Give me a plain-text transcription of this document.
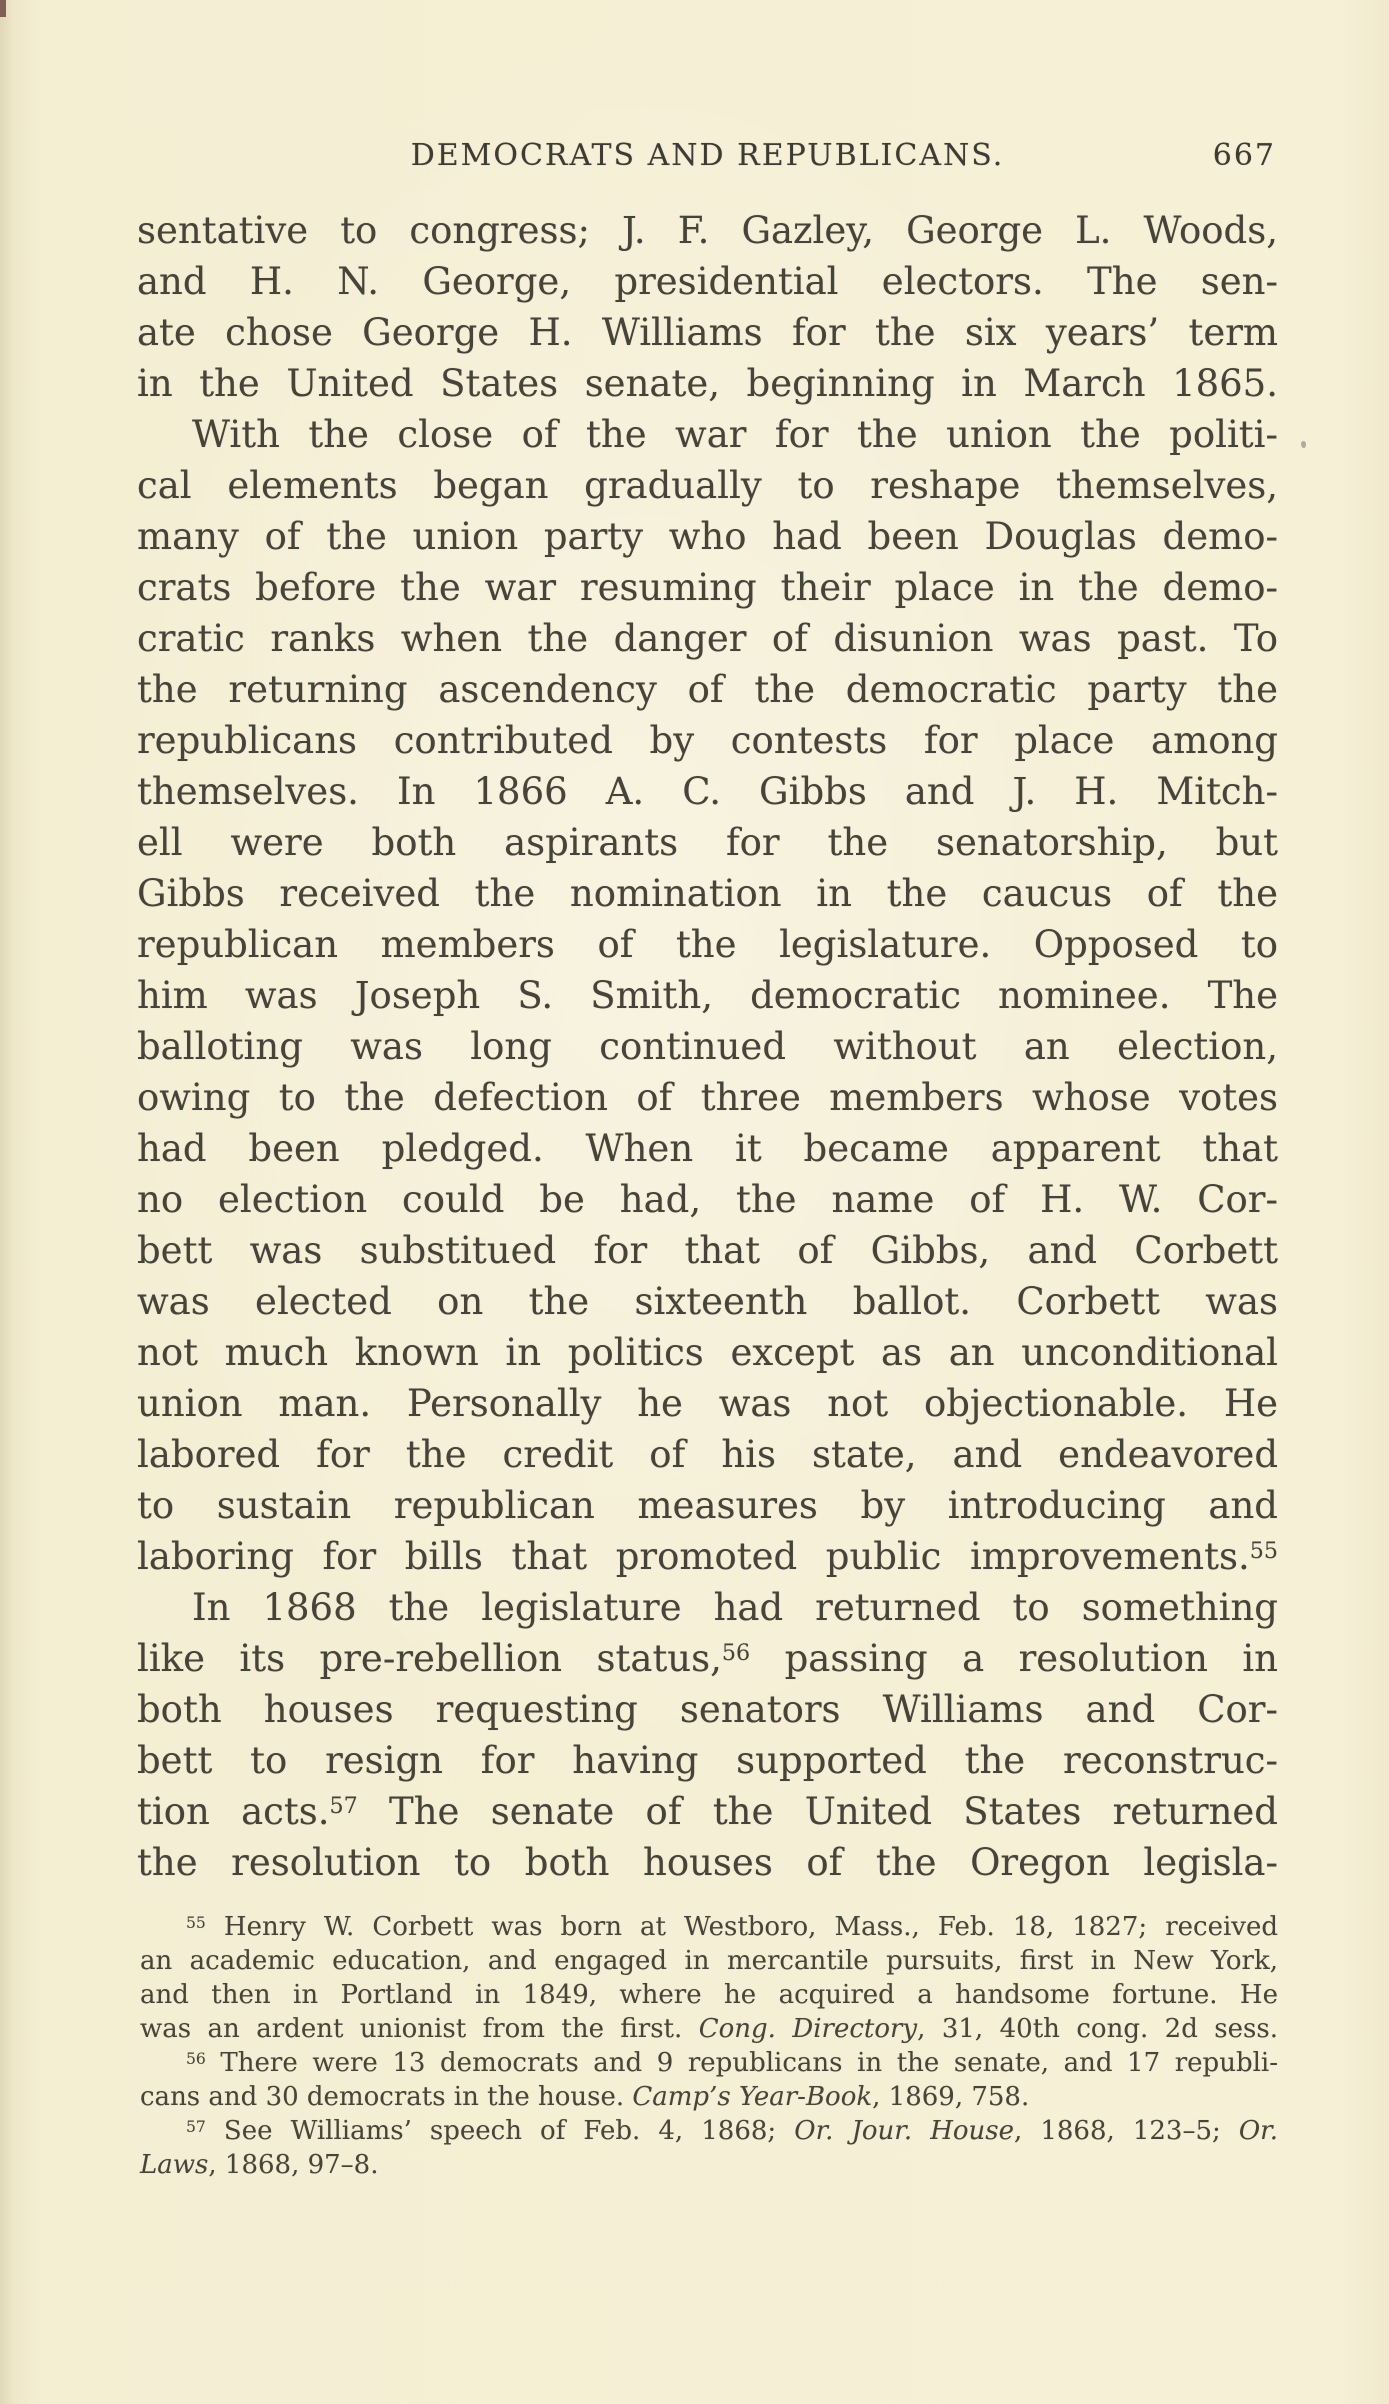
DEMOCRATS AND REPUBLICANS.	667
sentative to congress; J. F. Gazley, George L. Woods,
and H. N. George, presidential electors. The sen-
ate chose George H. Williams for the six years’ term
in the United States senate, beginning in March 1865.
With the close of the war for the union the politi-
cal elements began gradually to reshape themselves,
many of the union party who had been Douglas demo-
crats before the war resuming their place in the demo-
cratic ranks when the danger of disunion was past. To
the returning ascendency of the democratic party the
republicans contributed by contests for place among
themselves. In 1866 A. C. Gibbs and J. H. Mitch-
ell were both aspirants for the senatorship, but
Gibbs received the nomination in the caucus of the
republican members of the legislature. Opposed to
him was Joseph S. Smith, democratic nominee. The
balloting was long continued without an election,
owing to the defection of three members whose votes
had been pledged. When it became apparent that
no election could be had, the name of H. W. Cor-
bett was substitued for that of Gibbs, and Corbett
was elected on the sixteenth ballot. Corbett was
not much known in politics except as an unconditional
union man. Personally he was not objectionable. He
labored for the credit of his state, and endeavored
to sustain republican measures by introducing and
laboring for bills that promoted public improvements.$^{55}$
In 1868 the legislature had returned to something
like its pre-rebellion status,$^{56}$ passing a resolution in
both houses requesting senators Williams and Cor-
bett to resign for having supported the reconstruc-
tion acts.$^{57}$ The senate of the United States returned
the resolution to both houses of the Oregon legisla-
$^{55}$ Henry W. Corbett was born at Westboro, Mass., Feb. 18, 1827; received
an academic education, and engaged in mercantile pursuits, first in New York,
and then in Portland in 1849, where he acquired a handsome fortune. He
was an ardent unionist from the first. Cong. Directory, 31, 40th cong. 2d sess.
$^{56}$ There were 13 democrats and 9 republicans in the senate, and 17 republi-
cans and 30 democrats in the house. Camp’s Year-Book, 1869, 758.
$^{57}$ See Williams’ speech of Feb. 4, 1868; Or. Jour. House, 1868, 123–5; Or.
Laws, 1868, 97–8.
